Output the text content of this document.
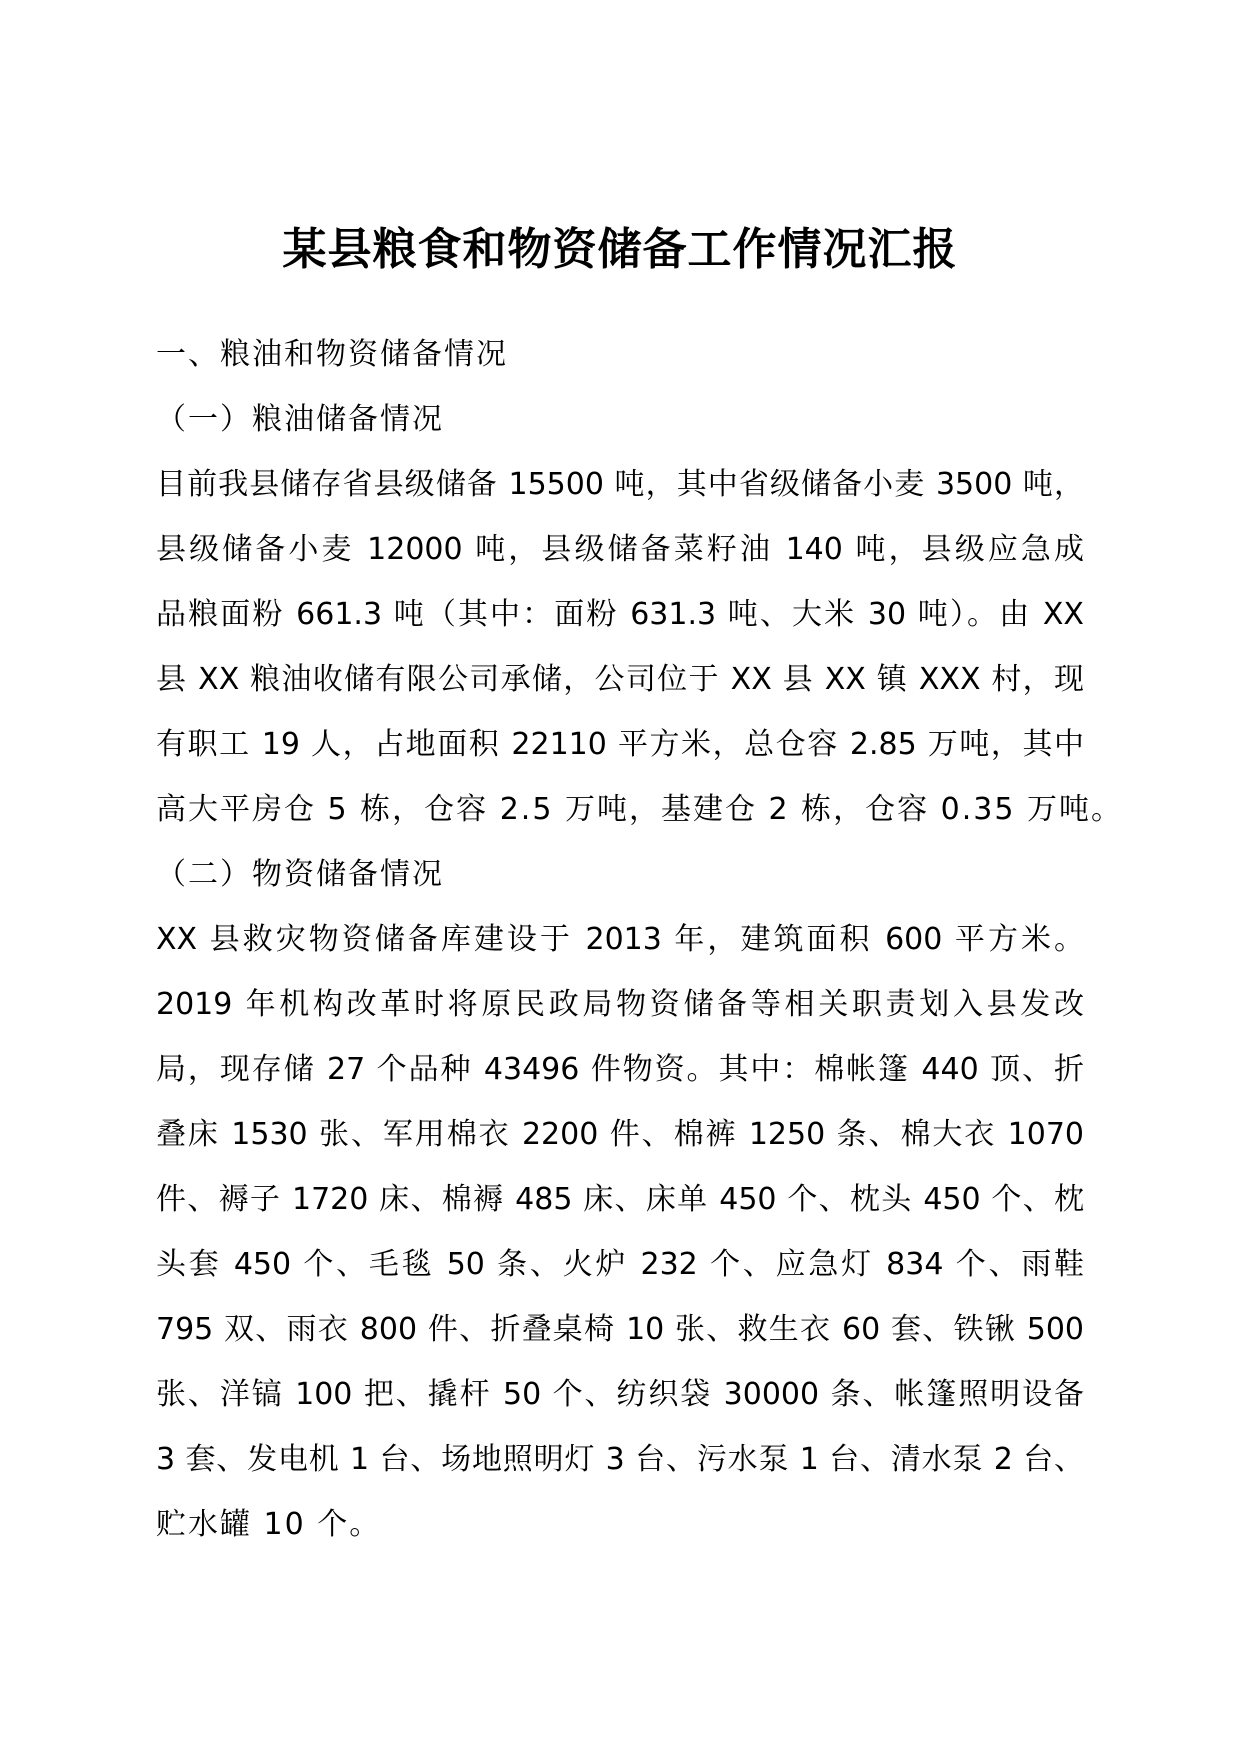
某县粮食和物资储备工作情况汇报
一、粮油和物资储备情况
（一）粮油储备情况
目前我县储存省县级储备 15500 吨，其中省级储备小麦 3500 吨，
县级储备小麦 12000 吨，县级储备菜籽油 140 吨，县级应急成
品粮面粉 661.3 吨（其中：面粉 631.3 吨、大米 30 吨）。由 XX
县 XX 粮油收储有限公司承储，公司位于 XX 县 XX 镇 XXX 村，现
有职工 19 人，占地面积 22110 平方米，总仓容 2.85 万吨，其中
高大平房仓 5 栋，仓容 2.5 万吨，基建仓 2 栋，仓容 0.35 万吨。
（二）物资储备情况
XX 县救灾物资储备库建设于 2013 年，建筑面积 600 平方米。
2019 年机构改革时将原民政局物资储备等相关职责划入县发改
局，现存储 27 个品种 43496 件物资。其中：棉帐篷 440 顶、折
叠床 1530 张、军用棉衣 2200 件、棉裤 1250 条、棉大衣 1070
件、褥子 1720 床、棉褥 485 床、床单 450 个、枕头 450 个、枕
头套 450 个、毛毯 50 条、火炉 232 个、应急灯 834 个、雨鞋
795 双、雨衣 800 件、折叠桌椅 10 张、救生衣 60 套、铁锹 500
张、洋镐 100 把、撬杆 50 个、纺织袋 30000 条、帐篷照明设备
3 套、发电机 1 台、场地照明灯 3 台、污水泵 1 台、清水泵 2 台、
贮水罐 10 个。
